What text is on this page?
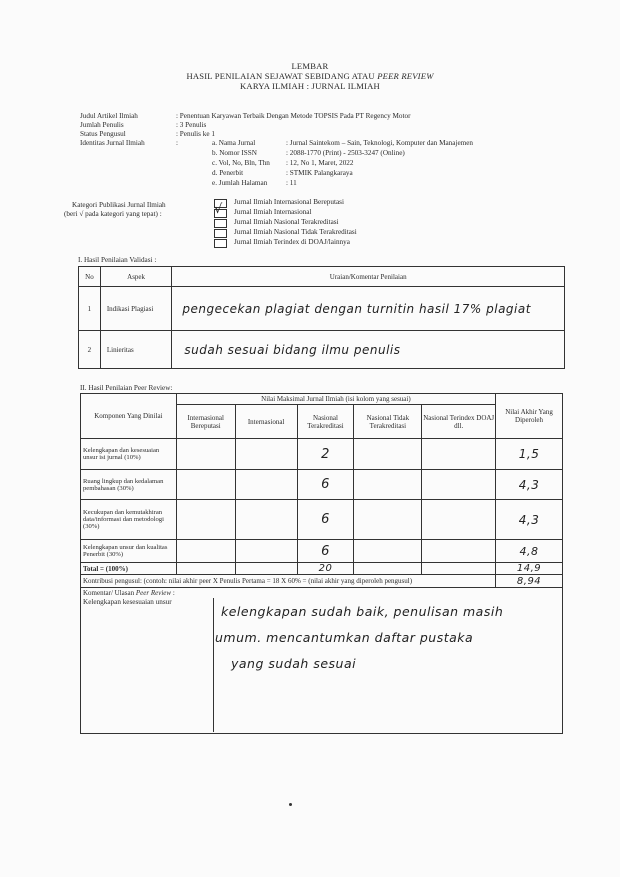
LEMBAR
HASIL PENILAIAN SEJAWAT SEBIDANG ATAU PEER REVIEW
KARYA ILMIAH : JURNAL ILMIAH
Judul Artikel Ilmiah	: Penentuan Karyawan Terbaik Dengan Metode TOPSIS Pada PT Regency Motor
Jumlah Penulis	: 3 Penulis
Status Pengusul	: Penulis ke 1
Identitas Jurnal Ilmiah	:	a. Nama Jurnal	: Jurnal Saintekom – Sain, Teknologi, Komputer dan Manajemen
b. Nomor ISSN	: 2088-1770 (Print) - 2503-3247 (Online)
c. Vol, No, Bln, Thn : 12, No 1, Maret, 2022
d. Penerbit	: STMIK Palangkaraya
e. Jumlah Halaman	: 11
Kategori Publikasi Jurnal Ilmiah
(beri √ pada kategori yang tepat) :
Jurnal Ilmiah Internasional Bereputasi
√ Jurnal Ilmiah Internasional
Jurnal Ilmiah Nasional Terakreditasi
Jurnal Ilmiah Nasional Tidak Terakreditasi
Jurnal Ilmiah Terindex di DOAJ/lainnya
I. Hasil Penilaian Validasi :
No	Aspek	Uraian/Komentar Penilaian
1	Indikasi Plagiasi	pengecekan plagiat dengan turnitin hasil 17% plagiat
2	Linieritas	sudah sesuai bidang ilmu penulis
II. Hasil Penilaian Peer Review:
Komponen Yang Dinilai	Nilai Maksimal Jurnal Ilmiah (isi kolom yang sesuai)					Nilai Akhir Yang Diperoleh
	Internasional Bereputasi	Internasional	Nasional Terakreditasi	Nasional Tidak Terakreditasi	Nasional Terindex DOAJ dll.	
Kelengkapan dan kesesuaian unsur isi jurnal (10%)			2			1,5
Ruang lingkup dan kedalaman pembahasan (30%)			6			4,3
Kecukupan dan kemutakhiran data/informasi dan metodologi (30%)			6			4,3
Kelengkapan unsur dan kualitas Penerbit (30%)			6			4,8
Total = (100%)			20			14,9
Kontribusi pengusul: (contoh: nilai akhir peer X Penulis Pertama = 18 X 60% = (nilai akhir yang diperoleh pengusul)						8,94
Komentar/ Ulasan Peer Review :						

Kelengkapan kesesuaian unsur
kelengkapan sudah baik, penulisan masih
umum. mencantumkan daftar pustaka
yang sudah sesuai						
